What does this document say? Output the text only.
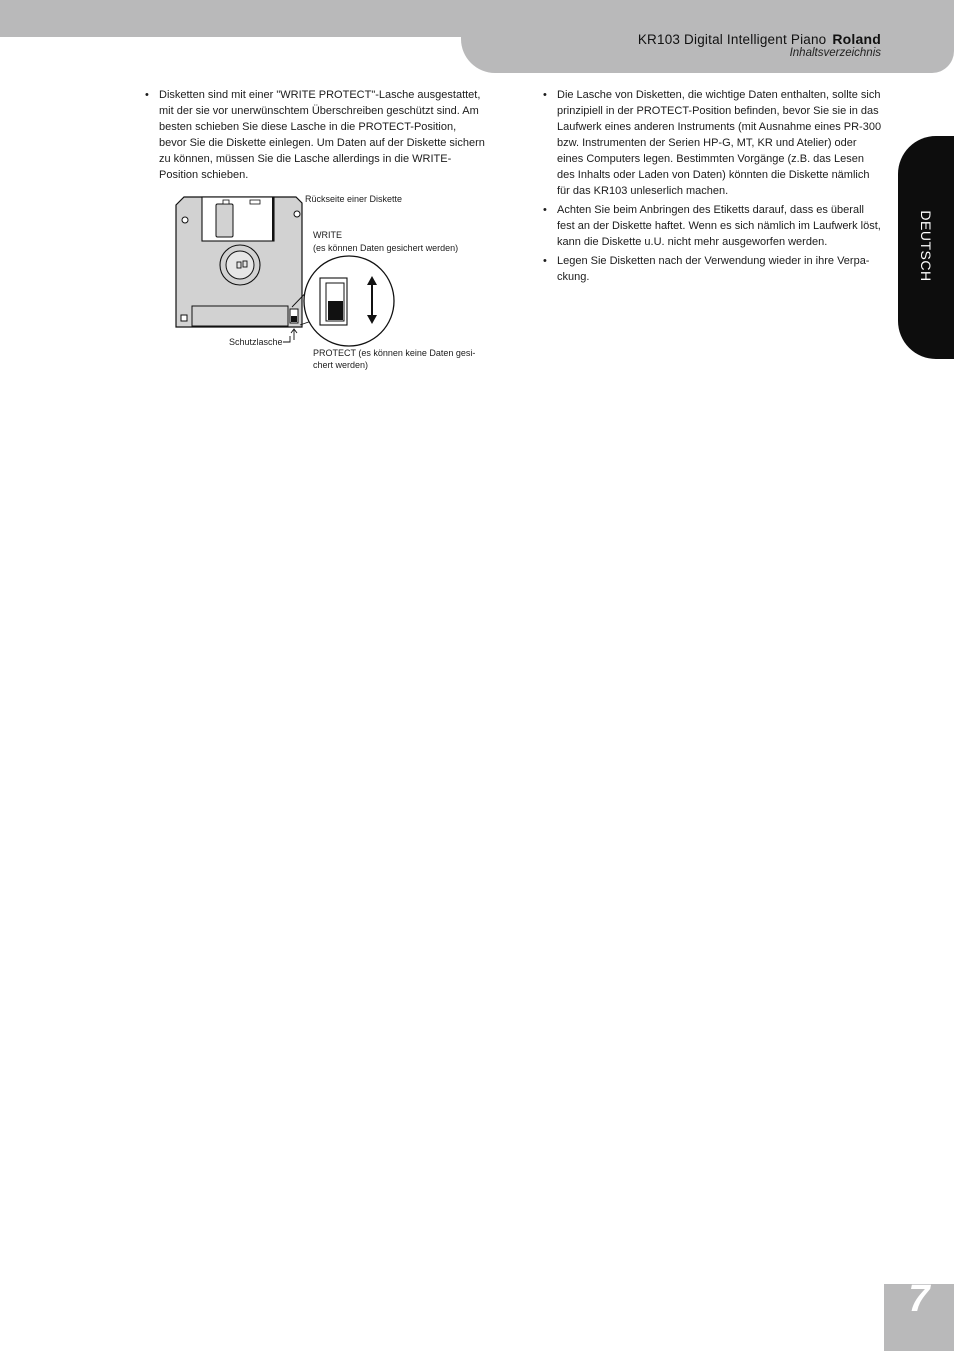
KR103 Digital Intelligent Piano Roland
Inhaltsverzeichnis
DEUTSCH
• Disketten sind mit einer "WRITE PROTECT"-Lasche ausgestattet, mit der sie vor unerwünschtem Überschreiben geschützt sind. Am besten schieben Sie diese Lasche in die PROTECT-Position, bevor Sie die Diskette einlegen. Um Daten auf der Diskette sichern zu können, müssen Sie die Lasche allerdings in die WRITE-Position schieben.
Rückseite einer Diskette
WRITE
(es können Daten gesichert werden)
Schutzlasche
PROTECT (es können keine Daten gesi-
chert werden)
• Die Lasche von Disketten, die wichtige Daten enthalten, sollte sich prinzipiell in der PROTECT-Position befinden, bevor Sie sie in das Laufwerk eines anderen Instruments (mit Ausnahme eines PR-300 bzw. Instrumenten der Serien HP-G, MT, KR und Atelier) oder eines Computers legen. Bestimmten Vorgänge (z.B. das Lesen des Inhalts oder Laden von Daten) könnten die Diskette nämlich für das KR103 unleserlich machen.
• Achten Sie beim Anbringen des Etiketts darauf, dass es überall fest an der Diskette haftet. Wenn es sich nämlich im Laufwerk löst, kann die Diskette u.U. nicht mehr ausgeworfen werden.
• Legen Sie Disketten nach der Verwendung wieder in ihre Verpa-ckung.
7
